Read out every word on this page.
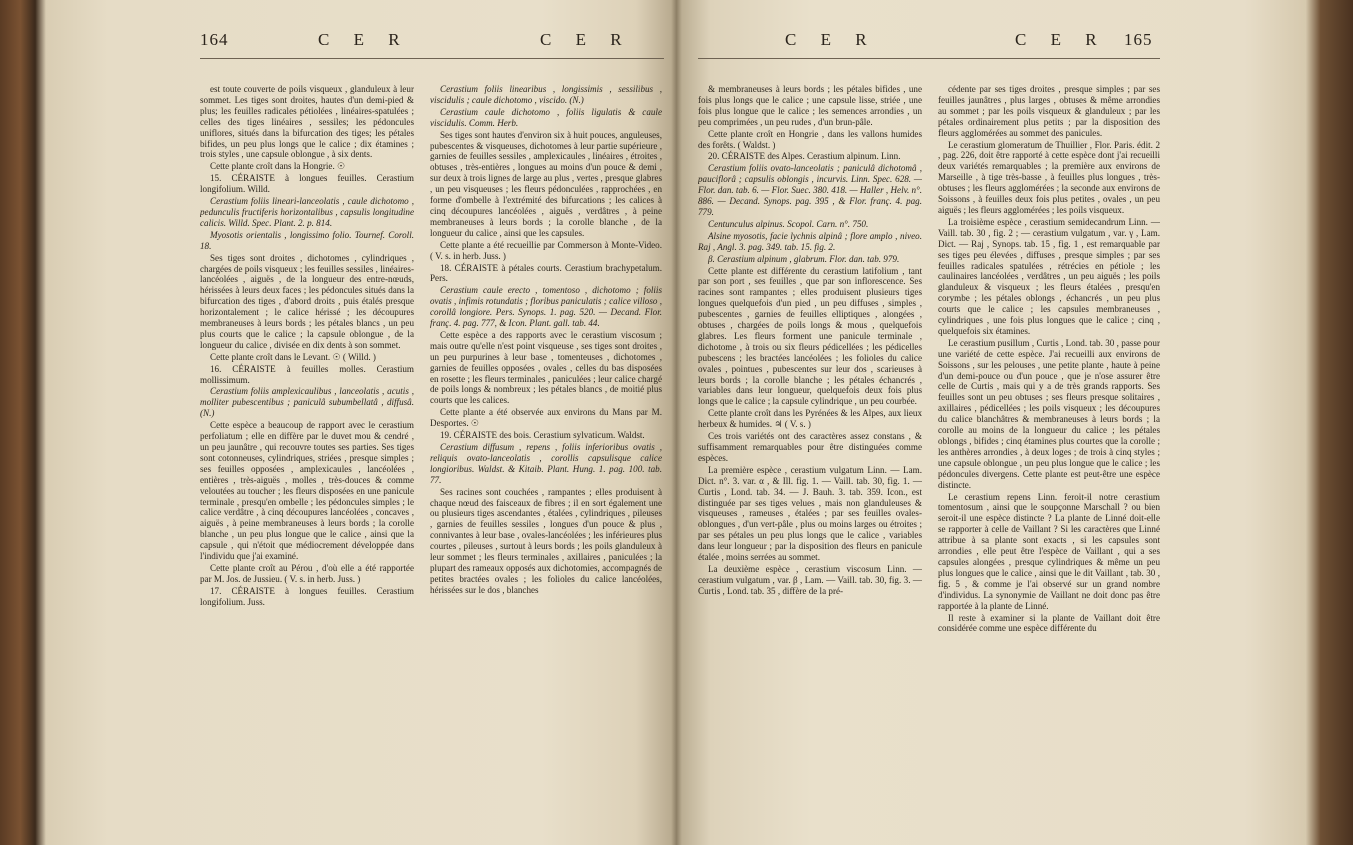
164	C E R	C E R

est toute couverte de poils visqueux , glanduleux à leur sommet. Les tiges sont droites, hautes d'un demi-pied & plus; les feuilles radicales pétiolées , linéaires-spatulées ; celles des tiges linéaires , sessiles; les pédoncules uniflores, situés dans la bifurcation des tiges; les pétales bifides, un peu plus longs que le calice ; dix étamines ; trois styles , une capsule oblongue , à six dents.

Cette plante croît dans la Hongrie. ☉

15. CÉRAISTE à longues feuilles. Cerastium longifolium. Willd.

Cerastium foliis lineari-lanceolatis , caule dichotomo , pedunculis fructiferis horizontalibus , capsulis longitudine calicis. Willd. Spec. Plant. 2. p. 814.

Myosotis orientalis , longissimo folio. Tournef. Coroll. 18.

Ses tiges sont droites , dichotomes , cylindriques , chargées de poils visqueux ; les feuilles sessiles , linéaires-lancéolées , aiguës , de la longueur des entre-nœuds, hérissées à leurs deux faces ; les pédoncules situés dans la bifurcation des tiges , d'abord droits , puis étalés presque horizontalement ; le calice hérissé ; les découpures membraneuses à leurs bords ; les pétales blancs , un peu plus courts que le calice ; la capsule oblongue , de la longueur du calice , divisée en dix dents à son sommet.

Cette plante croît dans le Levant. ☉ ( Willd. )

16. CÉRAISTE à feuilles molles. Cerastium mollissimum.

Cerastium foliis amplexicaulibus , lanceolatis , acutis , molliter pubescentibus ; paniculâ subumbellatâ , diffusâ. (N.)

Cette espèce a beaucoup de rapport avec le cerastium perfoliatum ; elle en diffère par le duvet mou & cendré , un peu jaunâtre , qui recouvre toutes ses parties. Ses tiges sont cotonneuses, cylindriques, striées , presque simples ; ses feuilles opposées , amplexicaules , lancéolées , entières , très-aiguës , molles , très-douces & comme veloutées au toucher ; les fleurs disposées en une panicule terminale , presqu'en ombelle ; les pédoncules simples ; le calice verdâtre , à cinq découpures lancéolées , concaves , aiguës , à peine membraneuses à leurs bords ; la corolle blanche , un peu plus longue que le calice , ainsi que la capsule , qui n'étoit que médiocrement développée dans l'individu que j'ai examiné.

Cette plante croît au Pérou , d'où elle a été rapportée par M. Jos. de Jussieu. ( V. s. in herb. Juss. )

17. CÉRAISTE à longues feuilles. Cerastium longifolium. Juss.

Cerastium foliis linearibus , longissimis , sessilibus , viscidulis ; caule dichotomo , viscido. (N.)

Cerastium caule dichotomo , foliis ligulatis & caule viscidulis. Comm. Herb.

Ses tiges sont hautes d'environ six à huit pouces, anguleuses, pubescentes & visqueuses, dichotomes à leur partie supérieure , garnies de feuilles sessiles , amplexicaules , linéaires , étroites , obtuses , très-entières , longues au moins d'un pouce & demi , sur deux à trois lignes de large au plus , vertes , presque glabres , un peu visqueuses ; les fleurs pédonculées , rapprochées , en forme d'ombelle à l'extrémité des bifurcations ; les calices à cinq découpures lancéolées , aiguës , verdâtres , à peine membraneuses à leurs bords ; la corolle blanche , de la longueur du calice , ainsi que les capsules.

Cette plante a été recueillie par Commerson à Monte-Video. ( V. s. in herb. Juss. )

18. CÉRAISTE à pétales courts. Cerastium brachypetalum. Pers.

Cerastium caule erecto , tomentoso , dichotomo ; foliis ovatis , infimis rotundatis ; floribus paniculatis ; calice villoso , corollâ longiore. Pers. Synops. 1. pag. 520. — Decand. Flor. franç. 4. pag. 777, & Icon. Plant. gall. tab. 44.

Cette espèce a des rapports avec le cerastium viscosum ; mais outre qu'elle n'est point visqueuse , ses tiges sont droites , un peu purpurines à leur base , tomenteuses , dichotomes , garnies de feuilles opposées , ovales , celles du bas disposées en rosette ; les fleurs terminales , paniculées ; leur calice chargé de poils longs & nombreux ; les pétales blancs , de moitié plus courts que les calices.

Cette plante a été observée aux environs du Mans par M. Desportes. ☉

19. CÉRAISTE des bois. Cerastium sylvaticum. Waldst.

Cerastium diffusum , repens , foliis inferioribus ovatis , reliquis ovato-lanceolatis , corollis capsulisque calice longioribus. Waldst. & Kitaib. Plant. Hung. 1. pag. 100. tab. 77.

Ses racines sont couchées , rampantes ; elles produisent à chaque nœud des faisceaux de fibres ; il en sort également une ou plusieurs tiges ascendantes , étalées , cylindriques , pileuses , garnies de feuilles sessiles , longues d'un pouce & plus , connivantes à leur base , ovales-lancéolées ; les inférieures plus courtes , pileuses , surtout à leurs bords ; les poils glanduleux à leur sommet ; les fleurs terminales , axillaires , paniculées ; la plupart des rameaux opposés aux dichotomies, accompagnés de petites bractées ovales ; les folioles du calice lancéolées, hérissées sur le dos , blanches

C E R	C E R 165

& membraneuses à leurs bords ; les pétales bifides , une fois plus longs que le calice ; une capsule lisse, striée , une fois plus longue que le calice ; les semences arrondies , un peu comprimées , un peu rudes , d'un brun-pâle.

Cette plante croît en Hongrie , dans les vallons humides des forêts. ( Waldst. )

20. CÉRAISTE des Alpes. Cerastium alpinum. Linn.

Cerastium foliis ovato-lanceolatis ; paniculâ dichotomâ , pauciflorâ ; capsulis oblongis , incurvis. Linn. Spec. 628. — Flor. dan. tab. 6. — Flor. Suec. 380. 418. — Haller , Helv. n°. 886. — Decand. Synops. pag. 395 , & Flor. franç. 4. pag. 779.

Centunculus alpinus. Scopol. Carn. n°. 750.

Alsine myosotis, facie lychnis alpinâ ; flore amplo , niveo. Raj , Angl. 3. pag. 349. tab. 15. fig. 2.

β. Cerastium alpinum , glabrum. Flor. dan. tab. 979.

Cette plante est différente du cerastium latifolium , tant par son port , ses feuilles , que par son inflorescence. Ses racines sont rampantes ; elles produisent plusieurs tiges longues quelquefois d'un pied , un peu diffuses , simples , pubescentes , garnies de feuilles elliptiques , alongées , obtuses , chargées de poils longs & mous , quelquefois glabres. Les fleurs forment une panicule terminale , dichotome , à trois ou six fleurs pédicellées ; les pédicelles pubescens ; les bractées lancéolées ; les folioles du calice ovales , pointues , pubescentes sur leur dos , scarieuses à leurs bords ; la corolle blanche ; les pétales échancrés , variables dans leur longueur, quelquefois deux fois plus longs que le calice ; la capsule cylindrique , un peu courbée.

Cette plante croît dans les Pyrénées & les Alpes, aux lieux herbeux & humides. ♃ ( V. s. )

Ces trois variétés ont des caractères assez constans , & suffisamment remarquables pour être distinguées comme espèces.

La première espèce , cerastium vulgatum Linn. — Lam. Dict. n°. 3. var. α , & Ill. fig. 1. — Vaill. tab. 30, fig. 1. — Curtis , Lond. tab. 34. — J. Bauh. 3. tab. 359. Icon., est distinguée par ses tiges velues , mais non glanduleuses & visqueuses , rameuses , étalées ; par ses feuilles ovales-oblongues , d'un vert-pâle , plus ou moins larges ou étroites ; par ses pétales un peu plus longs que le calice , variables dans leur longueur ; par la disposition des fleurs en panicule étalée , moins serrées au sommet.

La deuxième espèce , cerastium viscosum Linn. — cerastium vulgatum , var. β , Lam. — Vaill. tab. 30, fig. 3. — Curtis , Lond. tab. 35 , diffère de la pré-

cédente par ses tiges droites , presque simples ; par ses feuilles jaunâtres , plus larges , obtuses & même arrondies au sommet ; par les poils visqueux & glanduleux ; par les pétales ordinairement plus petits ; par la disposition des fleurs agglomérées au sommet des panicules.

Le cerastium glomeratum de Thuillier , Flor. Paris. édit. 2 , pag. 226, doit être rapporté à cette espèce dont j'ai recueilli deux variétés remarquables ; la première aux environs de Marseille , à tige très-basse , à feuilles plus longues , très-obtuses ; les fleurs agglomérées ; la seconde aux environs de Soissons , à feuilles deux fois plus petites , ovales , un peu aiguës ; les fleurs agglomérées ; les poils visqueux.

La troisième espèce , cerastium semidecandrum Linn. — Vaill. tab. 30 , fig. 2 ; — cerastium vulgatum , var. γ , Lam. Dict. — Raj , Synops. tab. 15 , fig. 1 , est remarquable par ses tiges peu élevées , diffuses , presque simples ; par ses feuilles radicales spatulées , rétrécies en pétiole ; les caulinaires lancéolées , verdâtres , un peu aiguës ; les poils glanduleux & visqueux ; les fleurs étalées , presqu'en corymbe ; les pétales oblongs , échancrés , un peu plus courts que le calice ; les capsules membraneuses , cylindriques , une fois plus longues que le calice ; cinq , quelquefois six étamines.

Le cerastium pusillum , Curtis , Lond. tab. 30 , passe pour une variété de cette espèce. J'ai recueilli aux environs de Soissons , sur les pelouses , une petite plante , haute à peine d'un demi-pouce ou d'un pouce , que je n'ose assurer être celle de Curtis , mais qui y a de très grands rapports. Ses feuilles sont un peu obtuses ; ses fleurs presque solitaires , axillaires , pédicellées ; les poils visqueux ; les découpures du calice blanchâtres & membraneuses à leurs bords ; la corolle au moins de la longueur du calice ; les pétales oblongs , bifides ; cinq étamines plus courtes que la corolle ; les anthères arrondies , à deux loges ; de trois à cinq styles ; une capsule oblongue , un peu plus longue que le calice ; les pédoncules divergens. Cette plante est peut-être une espèce distincte.

Le cerastium repens Linn. feroit-il notre cerastium tomentosum , ainsi que le soupçonne Marschall ? ou bien seroit-il une espèce distincte ? La plante de Linné doit-elle se rapporter à celle de Vaillant ? Si les caractères que Linné attribue à sa plante sont exacts , si les capsules sont arrondies , elle peut être l'espèce de Vaillant , qui a ses capsules alongées , presque cylindriques & même un peu plus longues que le calice , ainsi que le dit Vaillant , tab. 30 , fig. 5 , & comme je l'ai observé sur un grand nombre d'individus. La synonymie de Vaillant ne doit donc pas être rapportée à la plante de Linné.

Il reste à examiner si la plante de Vaillant doit être considérée comme une espèce différente du
